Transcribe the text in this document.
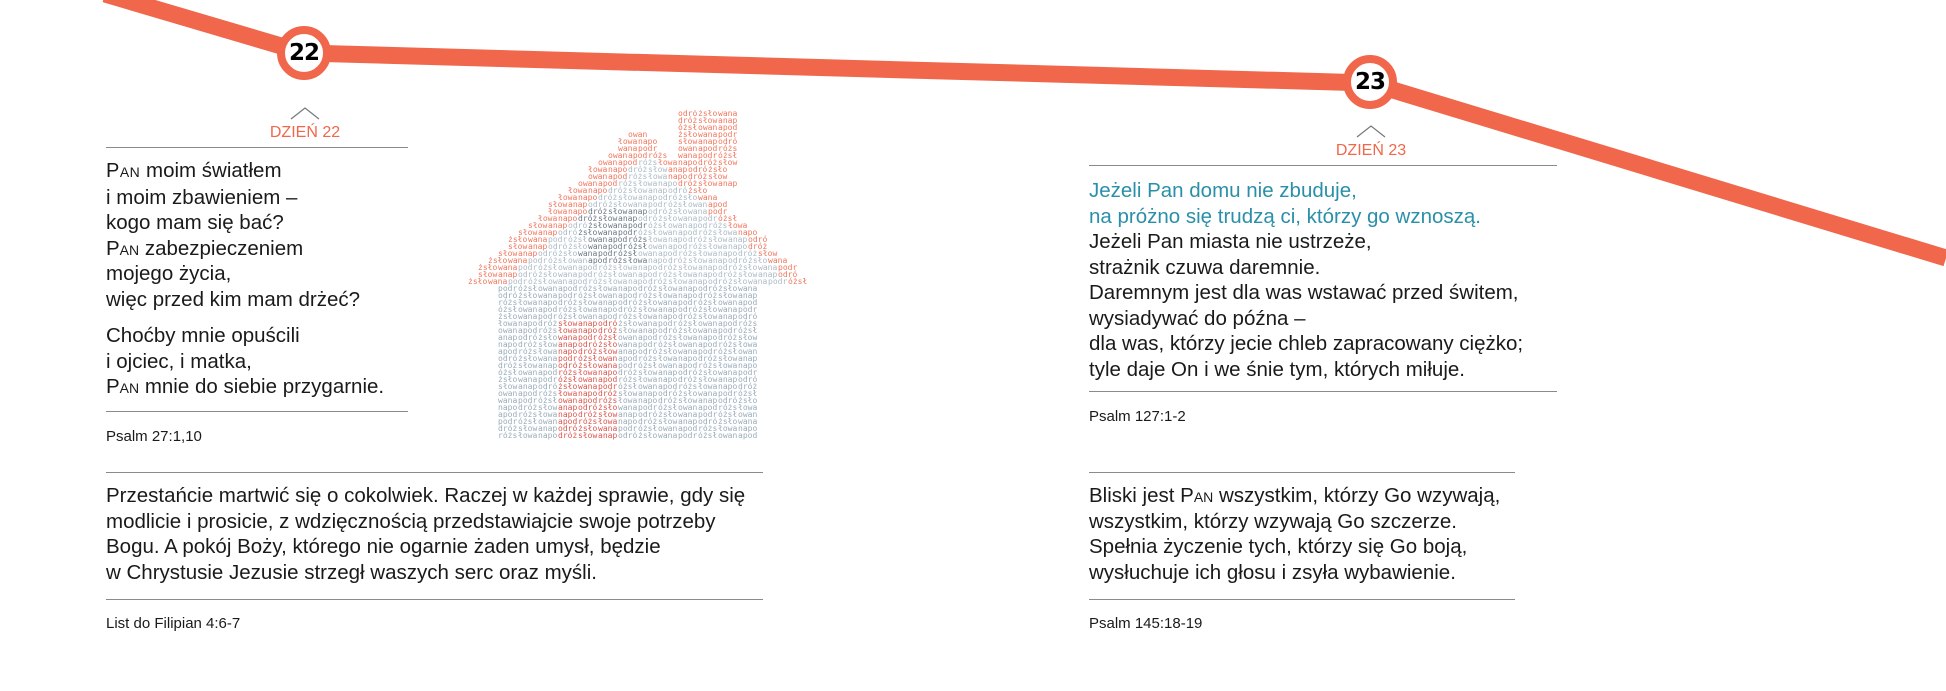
22
DZIEŃ 22
Pan moim światłem
i moim zbawieniem –
kogo mam się bać?
Pan zabezpieczeniem
mojego życia,
więc przed kim mam drżeć?
Choćby mnie opuścili
i ojciec, i matka,
Pan mnie do siebie przygarnie.
Psalm 27:1,10
odró żsło wana
dróż słow anap
óżsł owan apod
owan	żsło wana podr
łowa napo	słow anap odró
wana podr	owan apod różs
owan apod różs wana podr óżsł
owan apod różs łowa napo dróż słow
łowa napo dróż słow anap odró żsło
owan apod różs łowa napo dróż słow
owan apod różs łowa napo dróż słow anap
łowa napo dróż słow anap odró żsło
łowa napo dróż słow anap odró żsło wana
słow anap odró żsło wana podr óżsł owan apod
łowa napo dróż słow anap odró żsło wana podr
łowa napo dróż słow anap odró żsło wana podr óżsł
słow anap odró żsło wana podr óżsł owan apod różs łowa
słow anap odró żsło wana podr óżsł owan apod różs łowa napo
żsło wana podr óżsł owan apod różs łowa napo dróż słow anap odró
słow anap odró żsło wana podr óżsł owan apod różs łowa napo dróż
słow anap odró żsło wana podr óżsł owan apod różs łowa napo dróż słow
żsło wana podr óżsł owan apod różs łowa napo dróż słow anap odró żsło wana
żsło wana podr óżsł owan apod różs łowa napo dróż słow anap odró żsło wana podr
słow anap odró żsło wana podr óżsł owan apod różs łowa napo dróż słow anap odró
żsło wana podr óżsł owan apod różs łowa napo dróż słow anap odró żsło wana podr óżsł
podr óżsł owan apod różs łowa napo dróż słow anap odró żsło wana
odró żsło wana podr óżsł owan apod różs łowa napo dróż słow anap
różs łowa napo dróż słow anap odró żsło wana podr óżsł owan apod
óżsł owan apod różs łowa napo dróż słow anap odró żsło wana podr
żsło wana podr óżsł owan apod różs łowa napo dróż słow anap odró
łowa napo dróż słow anap odró żsło wana podr óżsł owan apod różs
owan apod różs łowa napo dróż słow anap odró żsło wana podr óżsł
anap odró żsło wana podr óżsł owan apod różs łowa napo dróż słow
napo dróż słow anap odró żsło wana podr óżsł owan apod różs łowa
apod różs łowa napo dróż słow anap odró żsło wana podr óżsł owan
odró żsło wana podr óżsł owan apod różs łowa napo dróż słow anap
dróż słow anap odró żsło wana podr óżsł owan apod różs łowa napo
óżsł owan apod różs łowa napo dróż słow anap odró żsło wana podr
żsło wana podr óżsł owan apod różs łowa napo dróż słow anap odró
słow anap odró żsło wana podr óżsł owan apod różs łowa napo dróż
owan apod różs łowa napo dróż słow anap odró żsło wana podr óżsł
wana podr óżsł owan apod różs łowa napo dróż słow anap odró żsło
napo dróż słow anap odró żsło wana podr óżsł owan apod różs łowa
apod różs łowa napo dróż słow anap odró żsło wana podr óżsł owan
podr óżsł owan apod różs łowa napo dróż słow anap odró żsło wana
dróż słow anap odró żsło wana podr óżsł owan apod różs łowa napo
różs łowa napo dróż słow anap odró żsło wana podr óżsł owan apod
Przestańcie martwić się o cokolwiek. Raczej w każdej sprawie, gdy się
modlicie i prosicie, z wdzięcznością przedstawiajcie swoje potrzeby
Bogu. A pokój Boży, którego nie ogarnie żaden umysł, będzie
w Chrystusie Jezusie strzegł waszych serc oraz myśli.
List do Filipian 4:6-7
23
DZIEŃ 23
Jeżeli Pan domu nie zbuduje,
na próżno się trudzą ci, którzy go wznoszą.
Jeżeli Pan miasta nie ustrzeże,
strażnik czuwa daremnie.
Daremnym jest dla was wstawać przed świtem,
wysiadywać do późna –
dla was, którzy jecie chleb zapracowany ciężko;
tyle daje On i we śnie tym, których miłuje.
Psalm 127:1-2
Bliski jest Pan wszystkim, którzy Go wzywają,
wszystkim, którzy wzywają Go szczerze.
Spełnia życzenie tych, którzy się Go boją,
wysłuchuje ich głosu i zsyła wybawienie.
Psalm 145:18-19
